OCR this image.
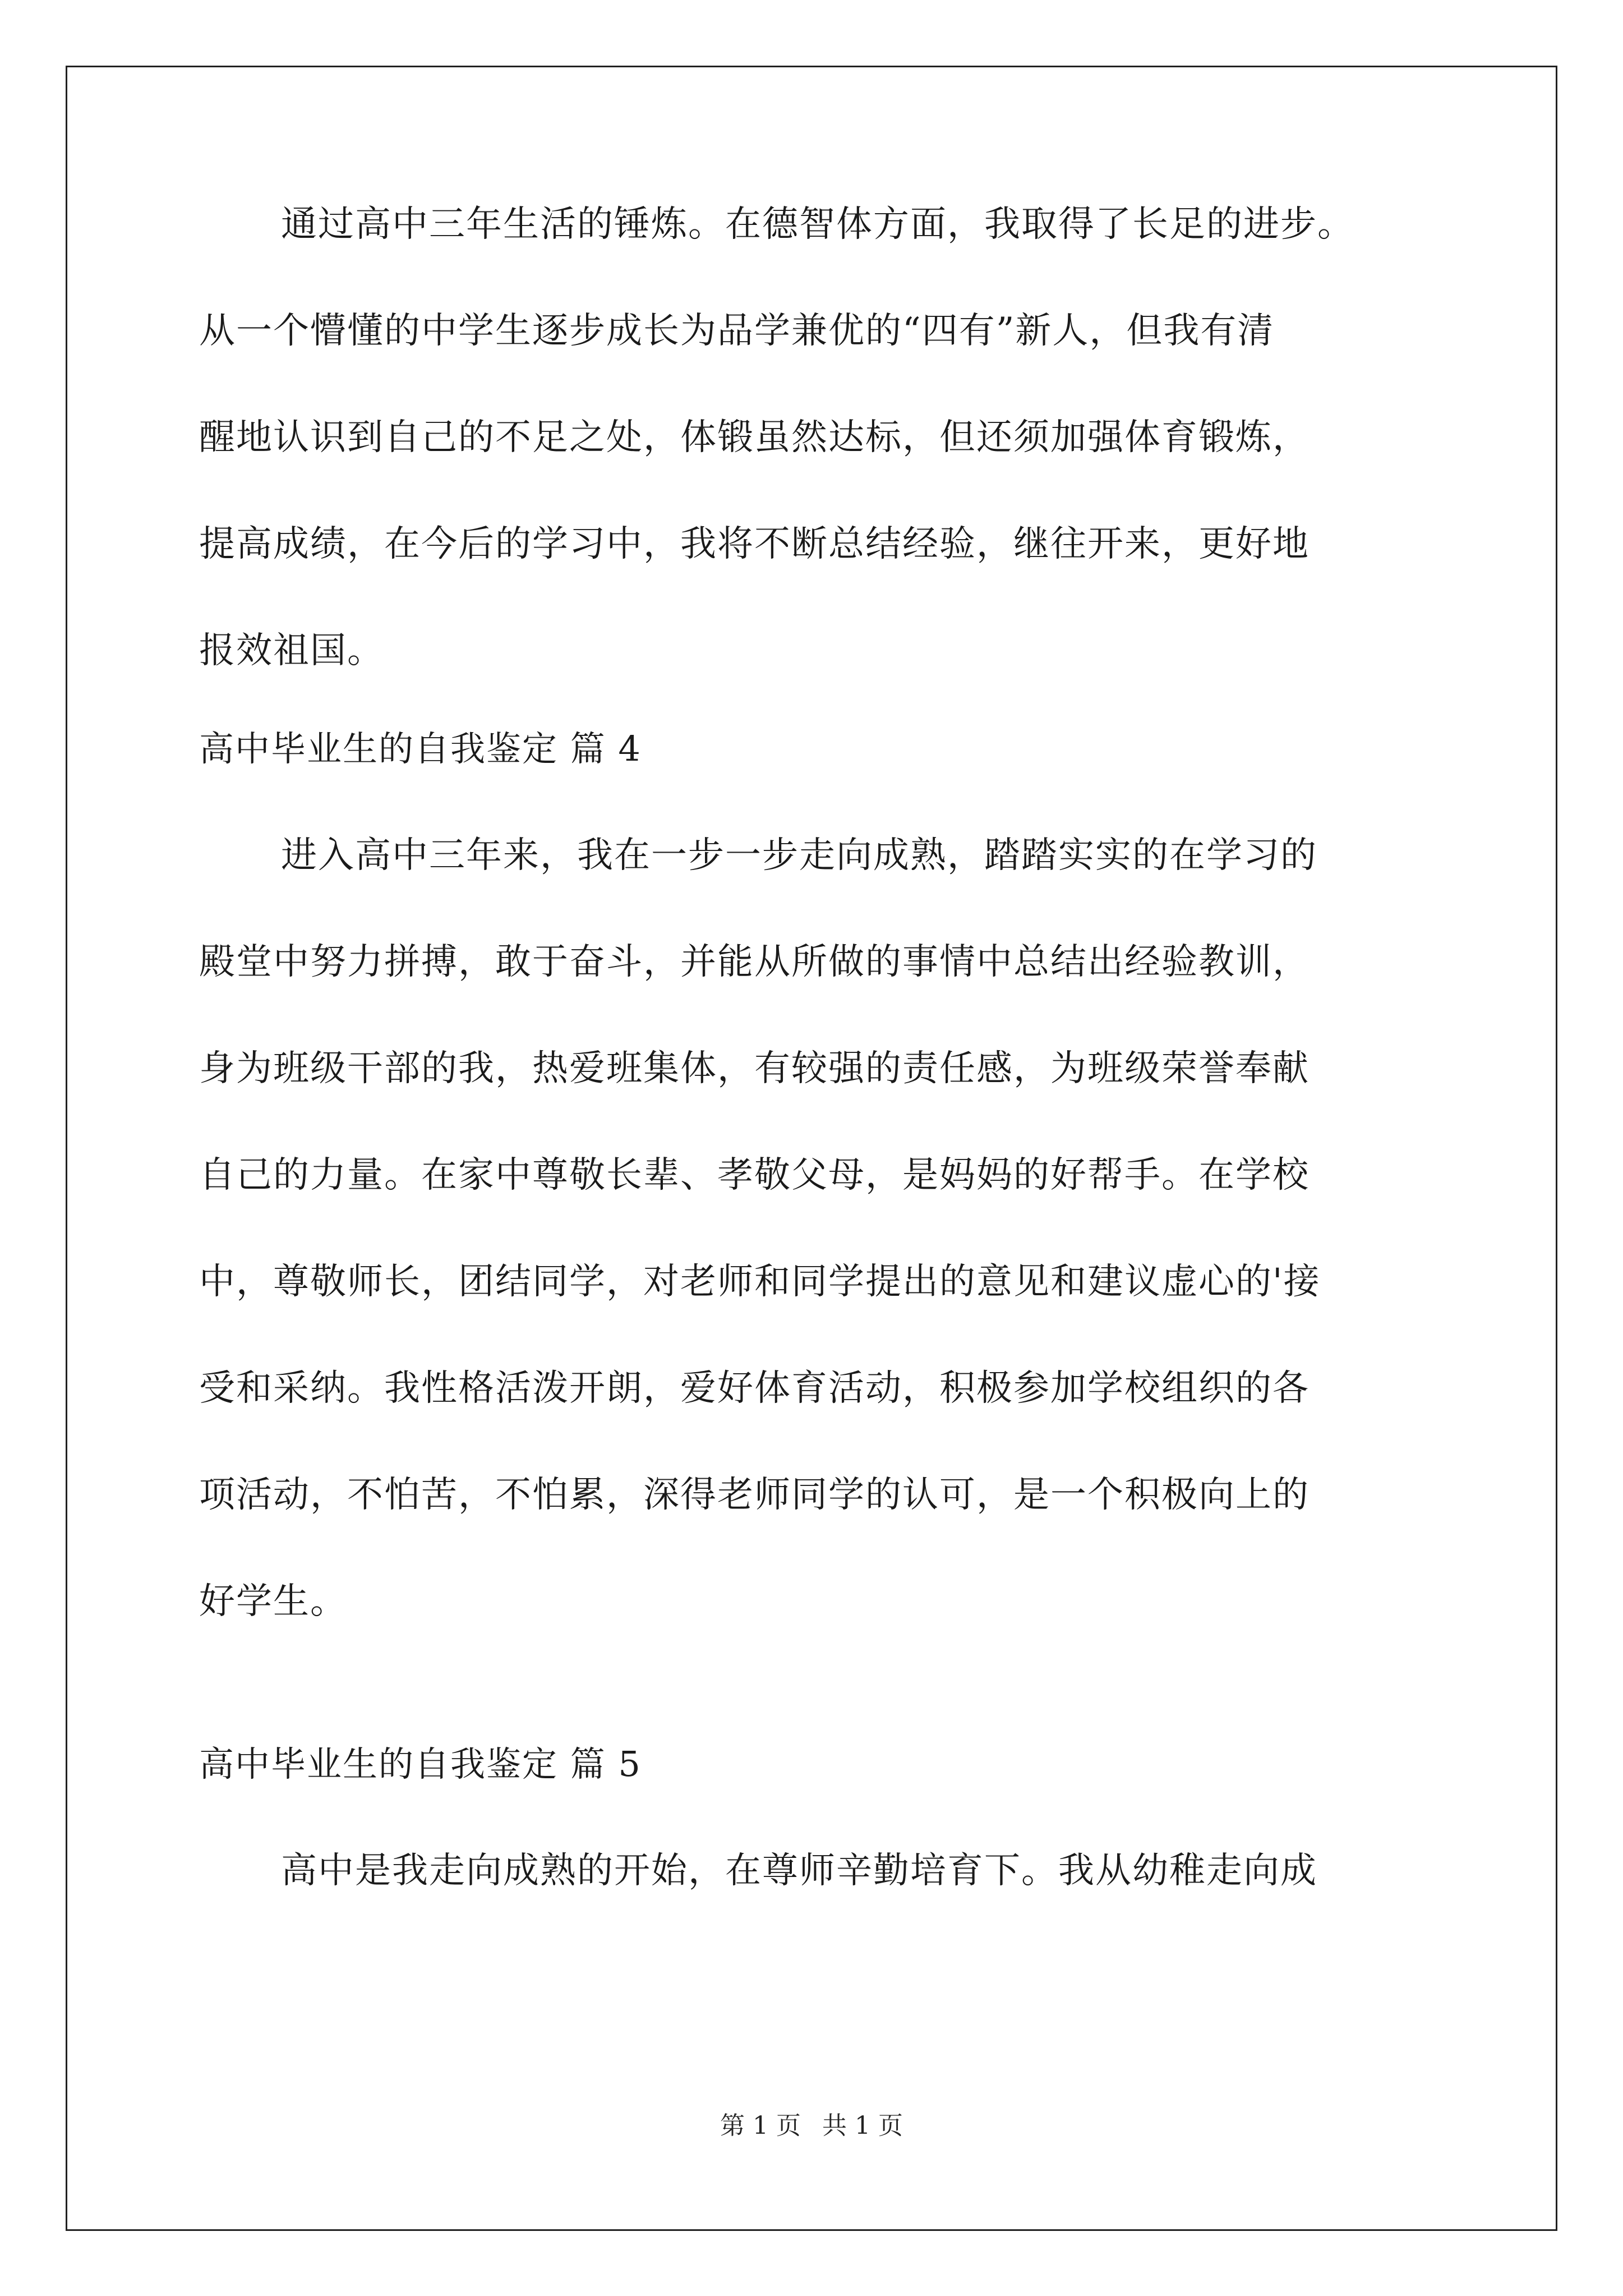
通过高中三年生活的锤炼。在德智体方面，我取得了长足的进步。
从一个懵懂的中学生逐步成长为品学兼优的“四有”新人，但我有清
醒地认识到自己的不足之处，体锻虽然达标，但还须加强体育锻炼，
提高成绩，在今后的学习中，我将不断总结经验，继往开来，更好地
报效祖国。
高中毕业生的自我鉴定 篇 4
进入高中三年来，我在一步一步走向成熟，踏踏实实的在学习的
殿堂中努力拼搏，敢于奋斗，并能从所做的事情中总结出经验教训，
身为班级干部的我，热爱班集体，有较强的责任感，为班级荣誉奉献
自己的力量。在家中尊敬长辈、孝敬父母，是妈妈的好帮手。在学校
中，尊敬师长，团结同学，对老师和同学提出的意见和建议虚心的'接
受和采纳。我性格活泼开朗，爱好体育活动，积极参加学校组织的各
项活动，不怕苦，不怕累，深得老师同学的认可，是一个积极向上的
好学生。
高中毕业生的自我鉴定 篇 5
高中是我走向成熟的开始，在尊师辛勤培育下。我从幼稚走向成
第 1 页 共 1 页
